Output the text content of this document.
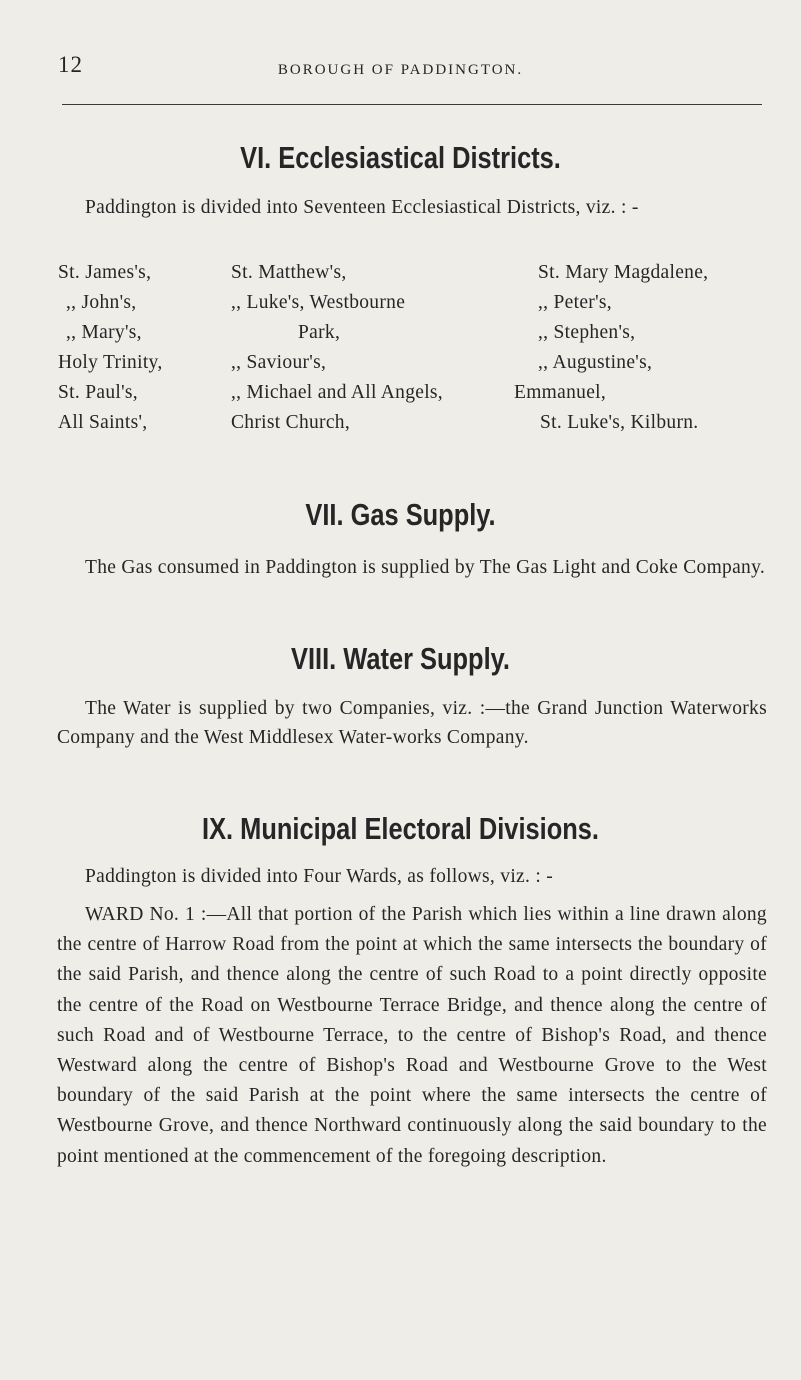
12	BOROUGH OF PADDINGTON.
VI. Ecclesiastical Districts.

Paddington is divided into Seventeen Ecclesiastical Districts, viz. : -

St. James's,	St. Matthew's,	St. Mary Magdalene,
,, John's,	,, Luke's, Westbourne	,, Peter's,
,, Mary's,	Park,	,, Stephen's,
Holy Trinity,	,, Saviour's,	,, Augustine's,
St. Paul's,	,, Michael and All Angels,	Emmanuel,
All Saints',	Christ Church,	St. Luke's, Kilburn.
VII. Gas Supply.

The Gas consumed in Paddington is supplied by The Gas Light and Coke Company.

VIII. Water Supply.

The Water is supplied by two Companies, viz. :—the Grand Junction Waterworks Company and the West Middlesex Water-works Company.

IX. Municipal Electoral Divisions.

Paddington is divided into Four Wards, as follows, viz. : -

WARD No. 1 :—All that portion of the Parish which lies within a line drawn along the centre of Harrow Road from the point at which the same intersects the boundary of the said Parish, and thence along the centre of such Road to a point directly opposite the centre of the Road on Westbourne Terrace Bridge, and thence along the centre of such Road and of Westbourne Terrace, to the centre of Bishop's Road, and thence Westward along the centre of Bishop's Road and Westbourne Grove to the West boundary of the said Parish at the point where the same intersects the centre of Westbourne Grove, and thence Northward continuously along the said boundary to the point mentioned at the commencement of the foregoing description.
